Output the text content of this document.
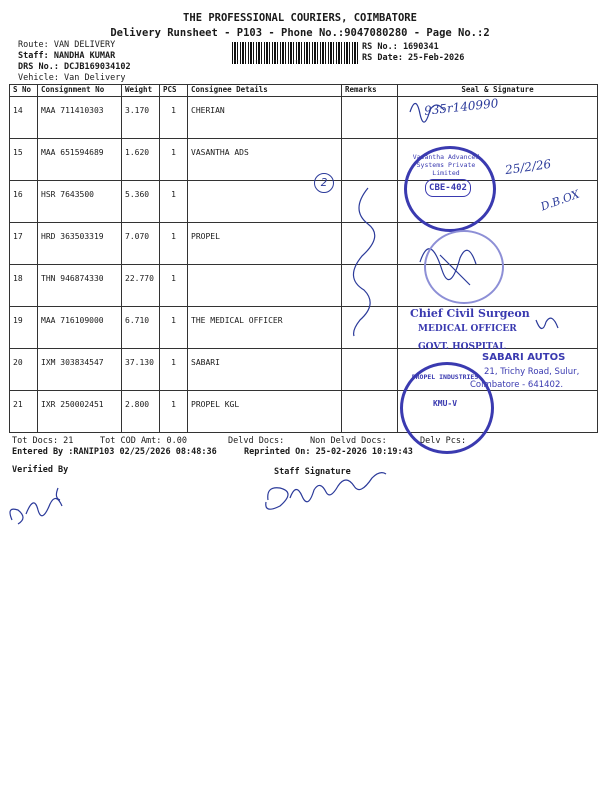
THE PROFESSIONAL COURIERS, COIMBATORE
Delivery Runsheet - P103 - Phone No.:9047080280 - Page No.:2
Route: VAN DELIVERY
Staff: NANDHA KUMAR
DRS No.: DCJB169034102
Vehicle: Van Delivery
RS No.: 1690341
RS Date: 25-Feb-2026
S No	Consignment No	Weight	PCS	Consignee Details	Remarks	Seal & Signature
14	MAA 711410303	3.170	1	CHERIAN		
15	MAA 651594689	1.620	1	VASANTHA ADS		
16	HSR 7643500	5.360	1			
17	HRD 363503319	7.070	1	PROPEL		
18	THN 946874330	22.770	1			
19	MAA 716109000	6.710	1	THE MEDICAL OFFICER		
20	IXM 303834547	37.130	1	SABARI		
21	IXR 250002451	2.800	1	PROPEL KGL		
Tot Docs: 21	Tot COD Amt: 0.00	Delvd Docs:	Non Delvd Docs:	Delv Pcs:
Entered By :RANIP103 02/25/2026 08:48:36	Reprinted On: 25-02-2026 10:19:43
Verified By	Staff Signature
935r140990
25/2/26
D.B.OX
2
Vasantha Advanced Systems Private Limited
CBE-402
Chief Civil Surgeon
MEDICAL OFFICER
GOVT. HOSPITAL
SABARI AUTOS
21, Trichy Road, Sulur,
Coimbatore - 641402.
PROPEL INDUSTRIES
KMU-V
